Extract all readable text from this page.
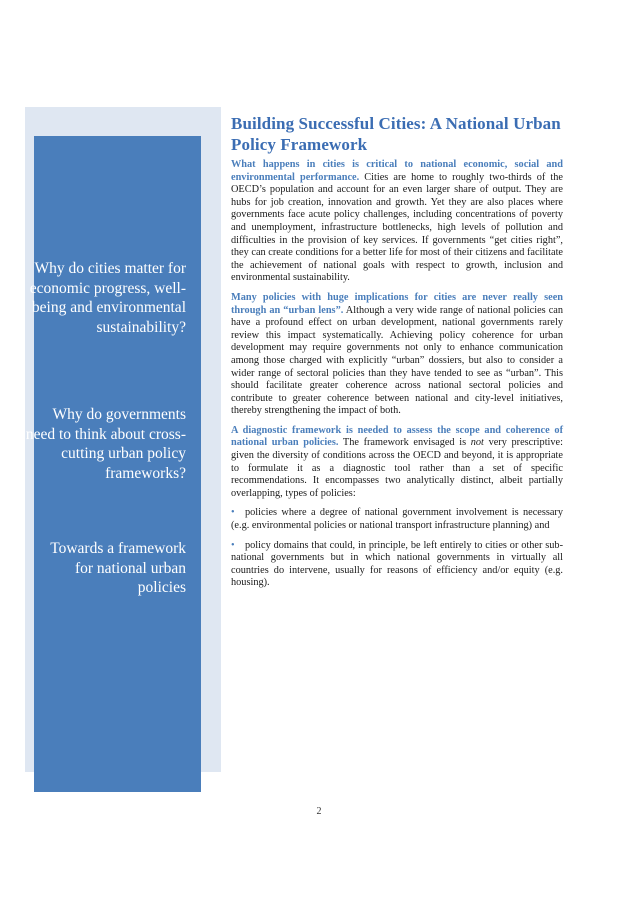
Why do cities matter for economic progress, well-being and environmental sustainability?

Why do governments need to think about cross-cutting urban policy frameworks?

Towards a framework for national urban policies

Building Successful Cities: A National Urban Policy Framework

What happens in cities is critical to national economic, social and environmental performance. Cities are home to roughly two-thirds of the OECD’s population and account for an even larger share of output. They are hubs for job creation, innovation and growth. Yet they are also places where governments face acute policy challenges, including concentrations of poverty and unemployment, infrastructure bottlenecks, high levels of pollution and difficulties in the provision of key services. If governments “get cities right”, they can create conditions for a better life for most of their citizens and facilitate the achievement of national goals with respect to growth, inclusion and environmental sustainability.

Many policies with huge implications for cities are never really seen through an “urban lens”. Although a very wide range of national policies can have a profound effect on urban development, national governments rarely review this impact systematically. Achieving policy coherence for urban development may require governments not only to enhance communication among those charged with explicitly “urban” dossiers, but also to consider a wider range of sectoral policies than they have tended to see as “urban”. This should facilitate greater coherence across national sectoral policies and contribute to greater coherence between national and city-level initiatives, thereby strengthening the impact of both.

A diagnostic framework is needed to assess the scope and coherence of national urban policies. The framework envisaged is not very prescriptive: given the diversity of conditions across the OECD and beyond, it is appropriate to formulate it as a diagnostic tool rather than a set of specific recommendations. It encompasses two analytically distinct, albeit partially overlapping, types of policies:

• policies where a degree of national government involvement is necessary (e.g. environmental policies or national transport infrastructure planning) and
• policy domains that could, in principle, be left entirely to cities or other sub-national governments but in which national governments in virtually all countries do intervene, usually for reasons of efficiency and/or equity (e.g. housing).
2
